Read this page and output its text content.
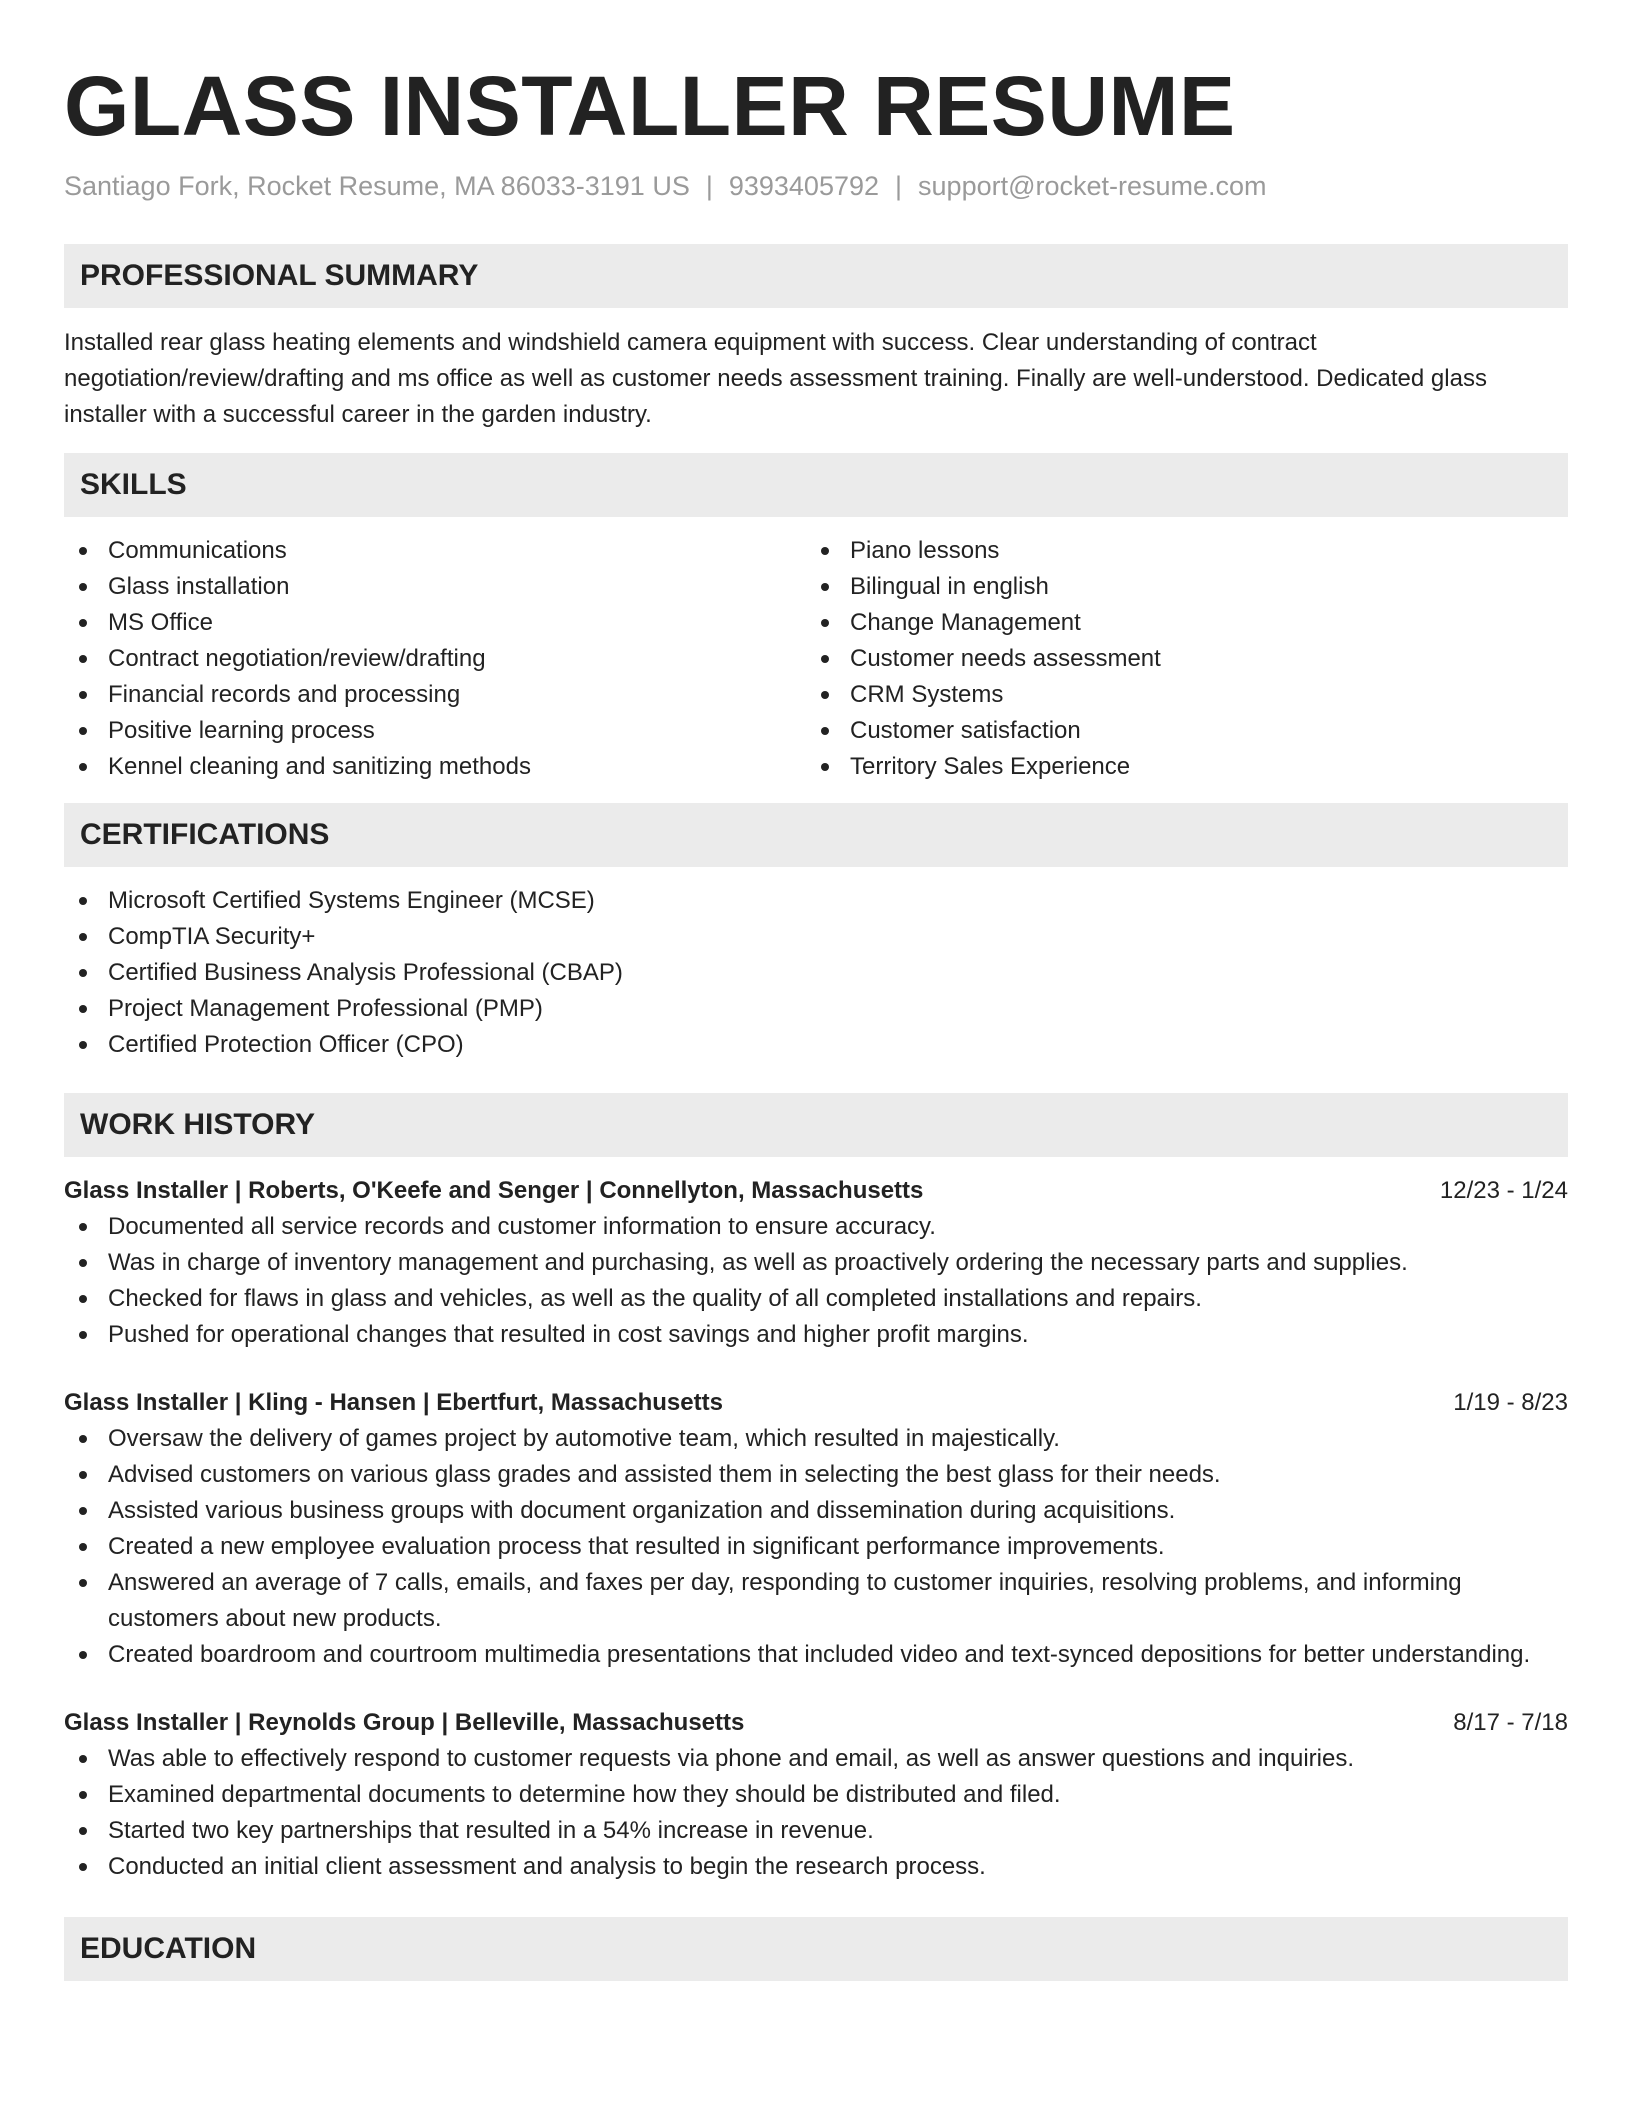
GLASS INSTALLER RESUME
Santiago Fork, Rocket Resume, MA 86033-3191 US | 9393405792 | support@rocket-resume.com
PROFESSIONAL SUMMARY

Installed rear glass heating elements and windshield camera equipment with success. Clear understanding of contract negotiation/review/drafting and ms office as well as customer needs assessment training. Finally are well-understood. Dedicated glass installer with a successful career in the garden industry.

SKILLS
Communications
Glass installation
MS Office
Contract negotiation/review/drafting
Financial records and processing
Positive learning process
Kennel cleaning and sanitizing methods
Piano lessons
Bilingual in english
Change Management
Customer needs assessment
CRM Systems
Customer satisfaction
Territory Sales Experience
CERTIFICATIONS
Microsoft Certified Systems Engineer (MCSE)
CompTIA Security+
Certified Business Analysis Professional (CBAP)
Project Management Professional (PMP)
Certified Protection Officer (CPO)
WORK HISTORY
Glass Installer | Roberts, O'Keefe and Senger | Connellyton, Massachusetts	12/23 - 1/24
Documented all service records and customer information to ensure accuracy.
Was in charge of inventory management and purchasing, as well as proactively ordering the necessary parts and supplies.
Checked for flaws in glass and vehicles, as well as the quality of all completed installations and repairs.
Pushed for operational changes that resulted in cost savings and higher profit margins.
Glass Installer | Kling - Hansen | Ebertfurt, Massachusetts	1/19 - 8/23
Oversaw the delivery of games project by automotive team, which resulted in majestically.
Advised customers on various glass grades and assisted them in selecting the best glass for their needs.
Assisted various business groups with document organization and dissemination during acquisitions.
Created a new employee evaluation process that resulted in significant performance improvements.
Answered an average of 7 calls, emails, and faxes per day, responding to customer inquiries, resolving problems, and informing customers about new products.
Created boardroom and courtroom multimedia presentations that included video and text-synced depositions for better understanding.
Glass Installer | Reynolds Group | Belleville, Massachusetts	8/17 - 7/18
Was able to effectively respond to customer requests via phone and email, as well as answer questions and inquiries.
Examined departmental documents to determine how they should be distributed and filed.
Started two key partnerships that resulted in a 54% increase in revenue.
Conducted an initial client assessment and analysis to begin the research process.
EDUCATION
